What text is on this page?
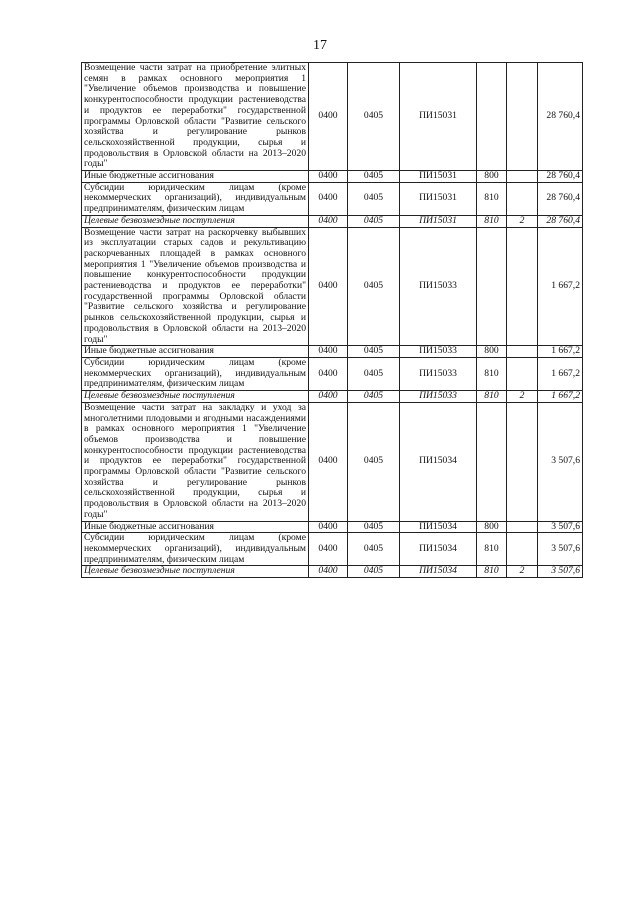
17
Возмещение части затрат на приобретение элитных семян в рамках основного мероприятия 1 "Увеличение объемов производства и повышение конкурентоспособности продукции растениеводства и продуктов ее переработки" государственной программы Орловской области "Развитие сельского хозяйства и регулирование рынков сельскохозяйственной продукции, сырья и продовольствия в Орловской области на 2013–2020 годы"	0400	0405	ПИ15031			28 760,4
Иные бюджетные ассигнования	0400	0405	ПИ15031	800		28 760,4
Субсидии юридическим лицам (кроме некоммерческих организаций), индивидуальным предпринимателям, физическим лицам	0400	0405	ПИ15031	810		28 760,4
Целевые безвозмездные поступления	0400	0405	ПИ15031	810	2	28 760,4
Возмещение части затрат на раскорчевку выбывших из эксплуатации старых садов и рекультивацию раскорчеванных площадей в рамках основного мероприятия 1 "Увеличение объемов производства и повышение конкурентоспособности продукции растениеводства и продуктов ее переработки" государственной программы Орловской области "Развитие сельского хозяйства и регулирование рынков сельскохозяйственной продукции, сырья и продовольствия в Орловской области на 2013–2020 годы"	0400	0405	ПИ15033			1 667,2
Иные бюджетные ассигнования	0400	0405	ПИ15033	800		1 667,2
Субсидии юридическим лицам (кроме некоммерческих организаций), индивидуальным предпринимателям, физическим лицам	0400	0405	ПИ15033	810		1 667,2
Целевые безвозмездные поступления	0400	0405	ПИ15033	810	2	1 667,2
Возмещение части затрат на закладку и уход за многолетними плодовыми и ягодными насаждениями в рамках основного мероприятия 1 "Увеличение объемов производства и повышение конкурентоспособности продукции растениеводства и продуктов ее переработки" государственной программы Орловской области "Развитие сельского хозяйства и регулирование рынков сельскохозяйственной продукции, сырья и продовольствия в Орловской области на 2013–2020 годы"	0400	0405	ПИ15034			3 507,6
Иные бюджетные ассигнования	0400	0405	ПИ15034	800		3 507,6
Субсидии юридическим лицам (кроме некоммерческих организаций), индивидуальным предпринимателям, физическим лицам	0400	0405	ПИ15034	810		3 507,6
Целевые безвозмездные поступления	0400	0405	ПИ15034	810	2	3 507,6
